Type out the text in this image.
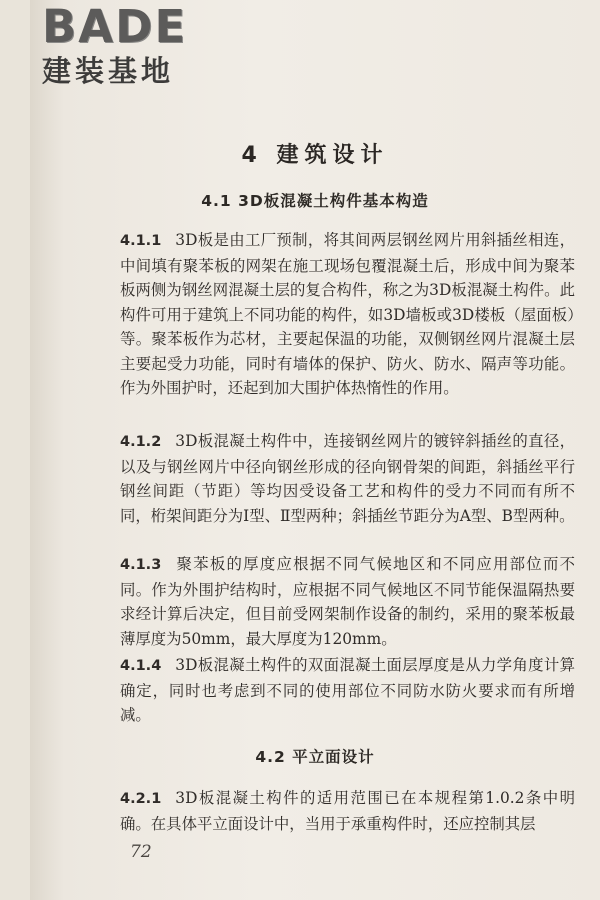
BADE
建装基地
4 建筑设计
4.1 3D板混凝土构件基本构造
4.1.1 3D板是由工厂预制，将其间两层钢丝网片用斜插丝相连，中间填有聚苯板的网架在施工现场包覆混凝土后，形成中间为聚苯板两侧为钢丝网混凝土层的复合构件，称之为3D板混凝土构件。此构件可用于建筑上不同功能的构件，如3D墙板或3D楼板（屋面板）等。聚苯板作为芯材，主要起保温的功能，双侧钢丝网片混凝土层主要起受力功能，同时有墙体的保护、防火、防水、隔声等功能。作为外围护时，还起到加大围护体热惰性的作用。
4.1.2 3D板混凝土构件中，连接钢丝网片的镀锌斜插丝的直径，以及与钢丝网片中径向钢丝形成的径向钢骨架的间距，斜插丝平行钢丝间距（节距）等均因受设备工艺和构件的受力不同而有所不同，桁架间距分为Ⅰ型、Ⅱ型两种；斜插丝节距分为A型、B型两种。
4.1.3 聚苯板的厚度应根据不同气候地区和不同应用部位而不同。作为外围护结构时，应根据不同气候地区不同节能保温隔热要求经计算后决定，但目前受网架制作设备的制约，采用的聚苯板最薄厚度为50mm，最大厚度为120mm。
4.1.4 3D板混凝土构件的双面混凝土面层厚度是从力学角度计算确定，同时也考虑到不同的使用部位不同防水防火要求而有所增减。
4.2 平立面设计
4.2.1 3D板混凝土构件的适用范围已在本规程第1.0.2条中明确。在具体平立面设计中，当用于承重构件时，还应控制其层
72
